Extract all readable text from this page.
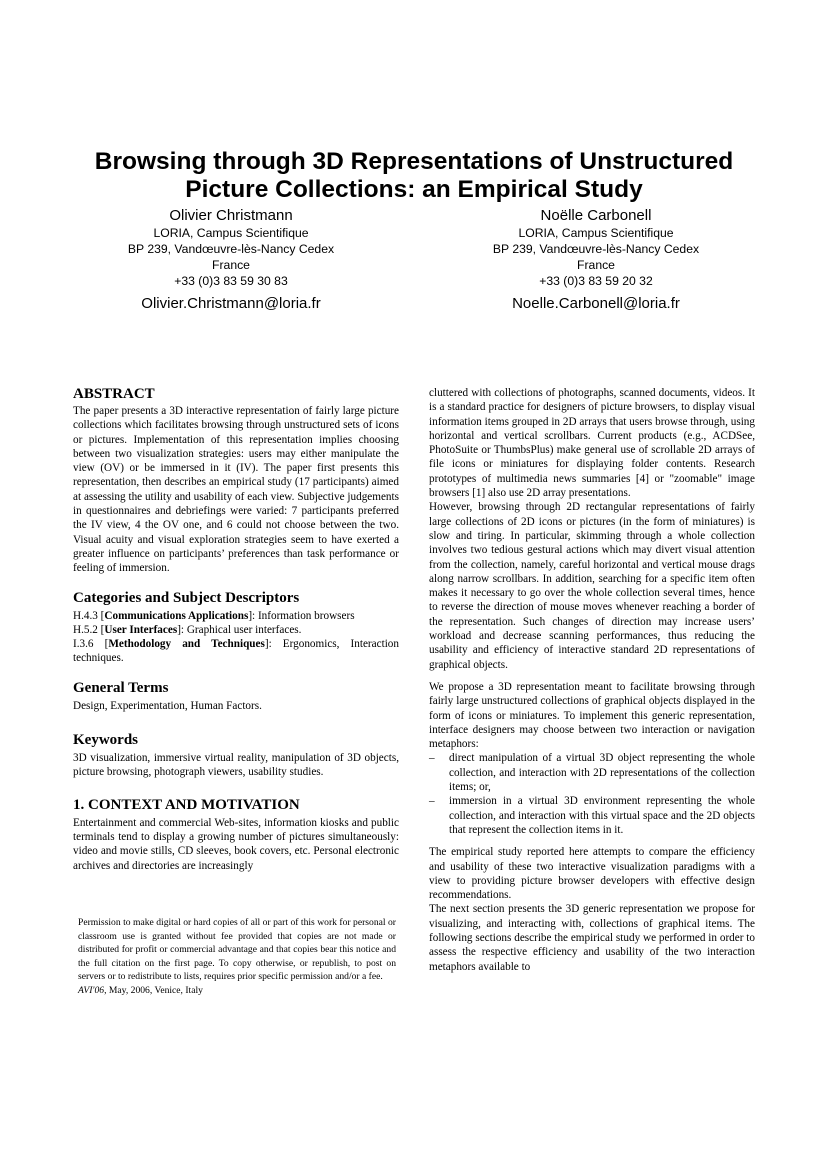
Browsing through 3D Representations of Unstructured
Picture Collections: an Empirical Study
Olivier Christmann
LORIA, Campus Scientifique
BP 239, Vandœuvre-lès-Nancy Cedex
France
+33 (0)3 83 59 30 83
Olivier.Christmann@loria.fr
Noëlle Carbonell
LORIA, Campus Scientifique
BP 239, Vandœuvre-lès-Nancy Cedex
France
+33 (0)3 83 59 20 32
Noelle.Carbonell@loria.fr
ABSTRACT

The paper presents a 3D interactive representation of fairly large picture collections which facilitates browsing through unstructured sets of icons or pictures. Implementation of this representation implies choosing between two visualization strategies: users may either manipulate the view (OV) or be immersed in it (IV). The paper first presents this representation, then describes an empirical study (17 participants) aimed at assessing the utility and usability of each view. Subjective judgements in questionnaires and debriefings were varied: 7 participants preferred the IV view, 4 the OV one, and 6 could not choose between the two. Visual acuity and visual exploration strategies seem to have exerted a greater influence on participants’ preferences than task performance or feeling of immersion.

Categories and Subject Descriptors

H.4.3 [Communications Applications]: Information browsers

H.5.2 [User Interfaces]: Graphical user interfaces.

I.3.6 [Methodology and Techniques]: Ergonomics, Interaction techniques.

General Terms

Design, Experimentation, Human Factors.

Keywords

3D visualization, immersive virtual reality, manipulation of 3D objects, picture browsing, photograph viewers, usability studies.

1. CONTEXT AND MOTIVATION

Entertainment and commercial Web-sites, information kiosks and public terminals tend to display a growing number of pictures simultaneously: video and movie stills, CD sleeves, book covers, etc. Personal electronic archives and directories are increasingly

cluttered with collections of photographs, scanned documents, videos. It is a standard practice for designers of picture browsers, to display visual information items grouped in 2D arrays that users browse through, using horizontal and vertical scrollbars. Current products (e.g., ACDSee, PhotoSuite or ThumbsPlus) make general use of scrollable 2D arrays of file icons or miniatures for displaying folder contents. Research prototypes of multimedia news summaries [4] or "zoomable" image browsers [1] also use 2D array presentations.

However, browsing through 2D rectangular representations of fairly large collections of 2D icons or pictures (in the form of miniatures) is slow and tiring. In particular, skimming through a whole collection involves two tedious gestural actions which may divert visual attention from the collection, namely, careful horizontal and vertical mouse drags along narrow scrollbars. In addition, searching for a specific item often makes it necessary to go over the whole collection several times, hence to reverse the direction of mouse moves whenever reaching a border of the representation. Such changes of direction may increase users’ workload and decrease scanning performances, thus reducing the usability and efficiency of interactive standard 2D representations of graphical objects.

We propose a 3D representation meant to facilitate browsing through fairly large unstructured collections of graphical objects displayed in the form of icons or miniatures. To implement this generic representation, interface designers may choose between two interaction or navigation metaphors:

– direct manipulation of a virtual 3D object representing the whole collection, and interaction with 2D representations of the collection items; or,
– immersion in a virtual 3D environment representing the whole collection, and interaction with this virtual space and the 2D objects that represent the collection items in it.

The empirical study reported here attempts to compare the efficiency and usability of these two interactive visualization paradigms with a view to providing picture browser developers with effective design recommendations.

The next section presents the 3D generic representation we propose for visualizing, and interacting with, collections of graphical items. The following sections describe the empirical study we performed in order to assess the respective efficiency and usability of the two interaction metaphors available to

Permission to make digital or hard copies of all or part of this work for personal or classroom use is granted without fee provided that copies are not made or distributed for profit or commercial advantage and that copies bear this notice and the full citation on the first page. To copy otherwise, or republish, to post on servers or to redistribute to lists, requires prior specific permission and/or a fee.

AVI'06, May, 2006, Venice, Italy
